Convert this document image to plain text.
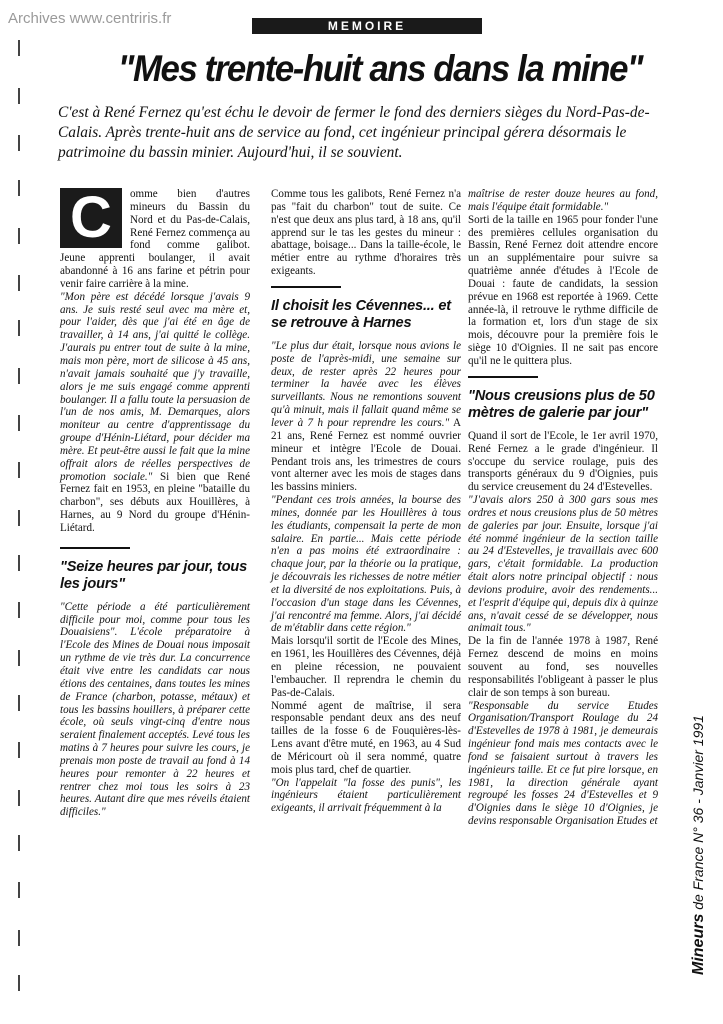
Archives www.centriris.fr	MEMOIRE
"Mes trente-huit ans dans la mine"
C'est à René Fernez qu'est échu le devoir de fermer le fond des derniers sièges du Nord-Pas-de-Calais. Après trente-huit ans de service au fond, cet ingénieur principal gérera désormais le patrimoine du bassin minier. Aujourd'hui, il se souvient.
C	omme bien d'autres mineurs du Bassin du Nord et du Pas-de-Calais, René Fernez commença au fond comme galibot. Jeune apprenti boulanger, il avait abandonné à 16 ans farine et pétrin pour venir faire carrière à la mine.

"Mon père est décédé lorsque j'avais 9 ans. Je suis resté seul avec ma mère et, pour l'aider, dès que j'ai été en âge de travailler, à 14 ans, j'ai quitté le collège. J'aurais pu entrer tout de suite à la mine, mais mon père, mort de silicose à 45 ans, n'avait jamais souhaité que j'y travaille, alors je me suis engagé comme apprenti boulanger. Il a fallu toute la persuasion de l'un de nos amis, M. Demarques, alors moniteur au centre d'apprentissage du groupe d'Hénin-Liétard, pour décider ma mère. Et peut-être aussi le fait que la mine offrait alors de réelles perspectives de promotion sociale." Si bien que René Fernez fait en 1953, en pleine "bataille du charbon", ses débuts aux Houillères, à Harnes, au 9 Nord du groupe d'Hénin-Liétard.

"Seize heures par jour, tous les jours"

"Cette période a été particulièrement difficile pour moi, comme pour tous les Douaisiens". L'école préparatoire à l'Ecole des Mines de Douai nous imposait un rythme de vie très dur. La concurrence était vive entre les candidats car nous étions des centaines, dans toutes les mines de France (charbon, potasse, métaux) et tous les bassins houillers, à préparer cette école, où seuls vingt-cinq d'entre nous seraient finalement acceptés. Levé tous les matins à 7 heures pour suivre les cours, je prenais mon poste de travail au fond à 14 heures pour remonter à 22 heures et rentrer chez moi tous les soirs à 23 heures. Autant dire que mes réveils étaient difficiles."

Comme tous les galibots, René Fernez n'a pas "fait du charbon" tout de suite. Ce n'est que deux ans plus tard, à 18 ans, qu'il apprend sur le tas les gestes du mineur : abattage, boisage... Dans la taille-école, le métier entre au rythme d'horaires très exigeants.

Il choisit les Cévennes... et se retrouve à Harnes

"Le plus dur était, lorsque nous avions le poste de l'après-midi, une semaine sur deux, de rester après 22 heures pour terminer la havée avec les élèves surveillants. Nous ne remontions souvent qu'à minuit, mais il fallait quand même se lever à 7 h pour reprendre les cours." A 21 ans, René Fernez est nommé ouvrier mineur et intègre l'Ecole de Douai. Pendant trois ans, les trimestres de cours vont alterner avec les mois de stages dans les bassins miniers.

"Pendant ces trois années, la bourse des mines, donnée par les Houillères à tous les étudiants, compensait la perte de mon salaire. En partie... Mais cette période n'en a pas moins été extraordinaire : chaque jour, par la théorie ou la pratique, je découvrais les richesses de notre métier et la diversité de nos exploitations. Puis, à l'occasion d'un stage dans les Cévennes, j'ai rencontré ma femme. Alors, j'ai décidé de m'établir dans cette région."

Mais lorsqu'il sortit de l'Ecole des Mines, en 1961, les Houillères des Cévennes, déjà en pleine récession, ne pouvaient l'embaucher. Il reprendra le chemin du Pas-de-Calais.

Nommé agent de maîtrise, il sera responsable pendant deux ans des neuf tailles de la fosse 6 de Fouquières-lès-Lens avant d'être muté, en 1963, au 4 Sud de Méricourt où il sera nommé, quatre mois plus tard, chef de quartier.

"On l'appelait "la fosse des punis", les ingénieurs étaient particulièrement exigeants, il arrivait fréquemment à la

maîtrise de rester douze heures au fond, mais l'équipe était formidable."

Sorti de la taille en 1965 pour fonder l'une des premières cellules organisation du Bassin, René Fernez doit attendre encore un an supplémentaire pour suivre sa quatrième année d'études à l'Ecole de Douai : faute de candidats, la session prévue en 1968 est reportée à 1969. Cette année-là, il retrouve le rythme difficile de la formation et, lors d'un stage de six mois, découvre pour la première fois le siège 10 d'Oignies. Il ne sait pas encore qu'il ne le quittera plus.

"Nous creusions plus de 50 mètres de galerie par jour"

Quand il sort de l'Ecole, le 1er avril 1970, René Fernez a le grade d'ingénieur. Il s'occupe du service roulage, puis des transports généraux du 9 d'Oignies, puis du service creusement du 24 d'Estevelles.

"J'avais alors 250 à 300 gars sous mes ordres et nous creusions plus de 50 mètres de galeries par jour. Ensuite, lorsque j'ai été nommé ingénieur de la section taille au 24 d'Estevelles, je travaillais avec 600 gars, c'était formidable. La production était alors notre principal objectif : nous devions produire, avoir des rendements... et l'esprit d'équipe qui, depuis dix à quinze ans, n'avait cessé de se développer, nous animait tous."

De la fin de l'année 1978 à 1987, René Fernez descend de moins en moins souvent au fond, ses nouvelles responsabilités l'obligeant à passer le plus clair de son temps à son bureau.

"Responsable du service Etudes Organisation/Transport Roulage du 24 d'Estevelles de 1978 à 1981, je demeurais ingénieur fond mais mes contacts avec le fond se faisaient surtout à travers les ingénieurs taille. Et ce fut pire lorsque, en 1981, la direction générale ayant regroupé les fosses 24 d'Estevelles et 9 d'Oignies dans le siège 10 d'Oignies, je devins responsable Organisation Etudes et

Mineurs de France N° 36 - Janvier 1991
